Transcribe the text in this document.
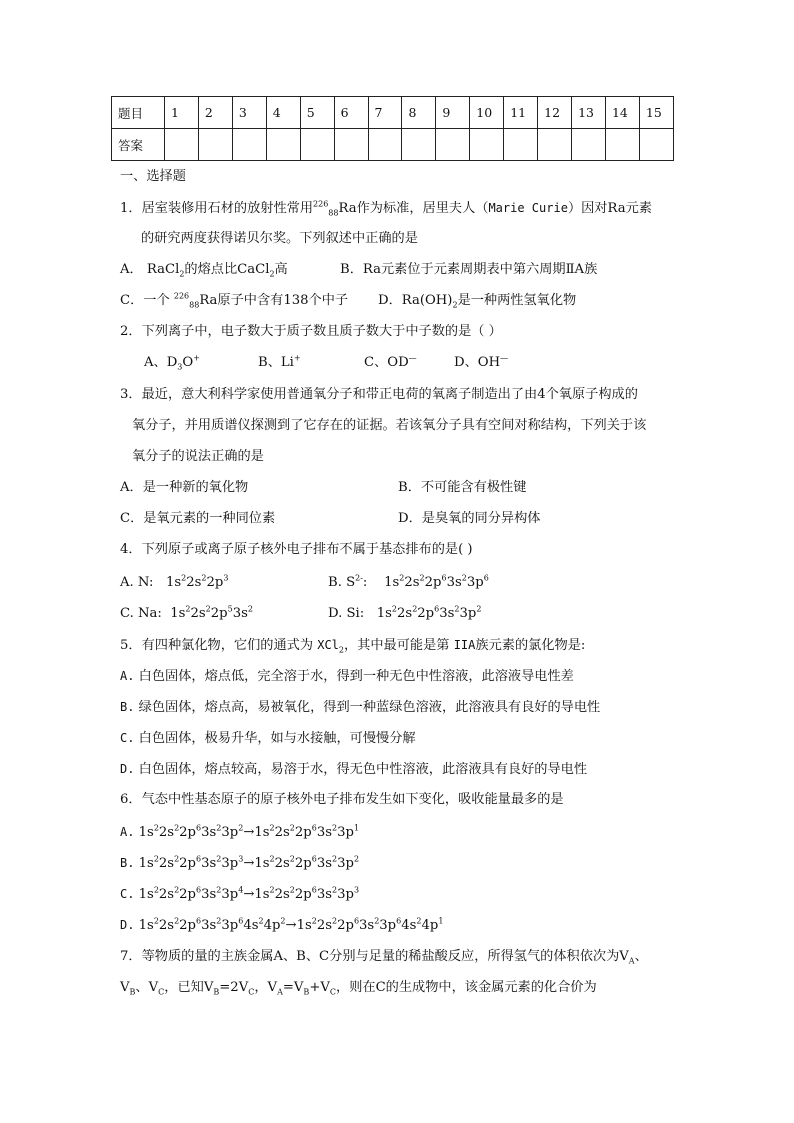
题目	1	2	3	4	5	6	7	8	9	10	11	12	13	14	15
答案															
一、选择题
1．居室装修用石材的放射性常用$^{226}_{88}$Ra作为标准，居里夫人（Marie Curie）因对Ra元素
的研究两度获得诺贝尔奖。下列叙述中正确的是
A． RaCl$_2$的熔点比CaCl$_2$高	B．Ra元素位于元素周期表中第六周期ⅡA族
C．一个 $^{226}_{88}$Ra原子中含有138个中子 D．$Ra(OH)_2$是一种两性氢氧化物
2．下列离子中，电子数大于质子数且质子数大于中子数的是（ ）
A、$D_3O^+$	B、Li+	C、OD—	D、OH—
3．最近，意大利科学家使用普通氧分子和带正电荷的氧离子制造出了由4个氧原子构成的
氧分子，并用质谱仪探测到了它存在的证据。若该氧分子具有空间对称结构，下列关于该
氧分子的说法正确的是
A．是一种新的氧化物	B．不可能含有极性键
C．是氧元素的一种同位素	D．是臭氧的同分异构体
4．下列原子或离子原子核外电子排布不属于基态排布的是( )
A. N:   $1s^22s^22p^3$	B. $S^{2-}$:    $1s^22s^22p^63s^23p^6$
C. Na:  $1s^22s^22p^53s^2$	D. Si:   $1s^22s^22p^63s^23p^2$
5．有四种氯化物，它们的通式为 XCl$_2$，其中最可能是第 IIA族元素的氯化物是:
A. 白色固体，熔点低，完全溶于水，得到一种无色中性溶液，此溶液导电性差
B. 绿色固体，熔点高，易被氧化，得到一种蓝绿色溶液，此溶液具有良好的导电性
C. 白色固体，极易升华，如与水接触，可慢慢分解
D. 白色固体，熔点较高，易溶于水，得无色中性溶液，此溶液具有良好的导电性
6．气态中性基态原子的原子核外电子排布发生如下变化，吸收能量最多的是
A. $1s^22s^22p^63s^23p^2\to 1s^22s^22p^63s^23p^1$
B. $1s^22s^22p^63s^23p^3\to 1s^22s^22p^63s^23p^2$
C. $1s^22s^22p^63s^23p^4\to 1s^22s^22p^63s^23p^3$
D. $1s^22s^22p^63s^23p^64s^24p^2\to 1s^22s^22p^63s^23p^64s^24p^1$
7．等物质的量的主族金属A、B、C分别与足量的稀盐酸反应，所得氢气的体积依次为$V_A$、
$V_B$、$V_C$，已知$V_B=2V_C$，$V_A=V_B+V_C$，则在C的生成物中，该金属元素的化合价为
